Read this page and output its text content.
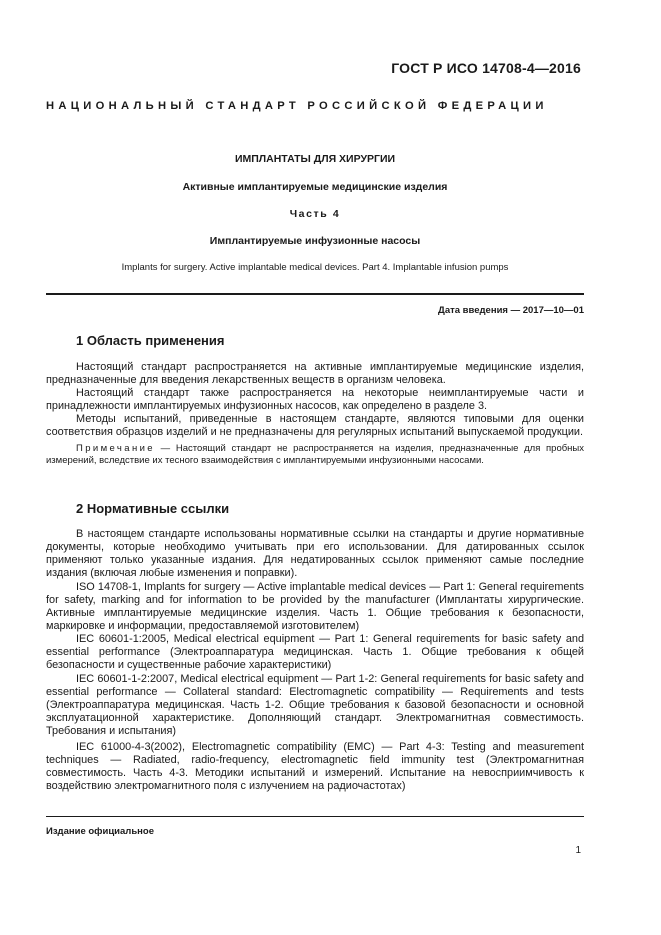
ГОСТ Р ИСО 14708-4—2016
НАЦИОНАЛЬНЫЙ СТАНДАРТ РОССИЙСКОЙ ФЕДЕРАЦИИ
ИМПЛАНТАТЫ ДЛЯ ХИРУРГИИ
Активные имплантируемые медицинские изделия
Часть 4
Имплантируемые инфузионные насосы
Implants for surgery. Active implantable medical devices. Part 4. Implantable infusion pumps
Дата введения — 2017—10—01
1 Область применения
Настоящий стандарт распространяется на активные имплантируемые медицинские изделия, предназначенные для введения лекарственных веществ в организм человека.
Настоящий стандарт также распространяется на некоторые неимплантируемые части и принадлежности имплантируемых инфузионных насосов, как определено в разделе 3.
Методы испытаний, приведенные в настоящем стандарте, являются типовыми для оценки соответствия образцов изделий и не предназначены для регулярных испытаний выпускаемой продукции.
Примечание — Настоящий стандарт не распространяется на изделия, предназначенные для пробных измерений, вследствие их тесного взаимодействия с имплантируемыми инфузионными насосами.
2 Нормативные ссылки
В настоящем стандарте использованы нормативные ссылки на стандарты и другие нормативные документы, которые необходимо учитывать при его использовании. Для датированных ссылок применяют только указанные издания. Для недатированных ссылок применяют самые последние издания (включая любые изменения и поправки).
ISO 14708-1, Implants for surgery — Active implantable medical devices — Part 1: General requirements for safety, marking and for information to be provided by the manufacturer (Имплантаты хирургические. Активные имплантируемые медицинские изделия. Часть 1. Общие требования к безопасности, маркировке и информации, предоставляемой изготовителем)
IEC 60601-1:2005, Medical electrical equipment — Part 1: General requirements for basic safety and essential performance (Электроаппаратура медицинская. Часть 1. Общие требования к общей безопасности и существенные рабочие характеристики)
IEC 60601-1-2:2007, Medical electrical equipment — Part 1-2: General requirements for basic safety and essential performance — Collateral standard: Electromagnetic compatibility — Requirements and tests (Электроаппаратура медицинская. Часть 1-2. Общие требования к базовой безопасности и основной эксплуатационной характеристике. Дополняющий стандарт. Электромагнитная совместимость. Требования и испытания)
IEC 61000-4-3(2002), Electromagnetic compatibility (EMC) — Part 4-3: Testing and measurement techniques — Radiated, radio-frequency, electromagnetic field immunity test (Электромагнитная совместимость. Часть 4-3. Методики испытаний и измерений. Испытание на невосприимчивость к воздействию электромагнитного поля с излучением на радиочастотах)
Издание официальное
1
